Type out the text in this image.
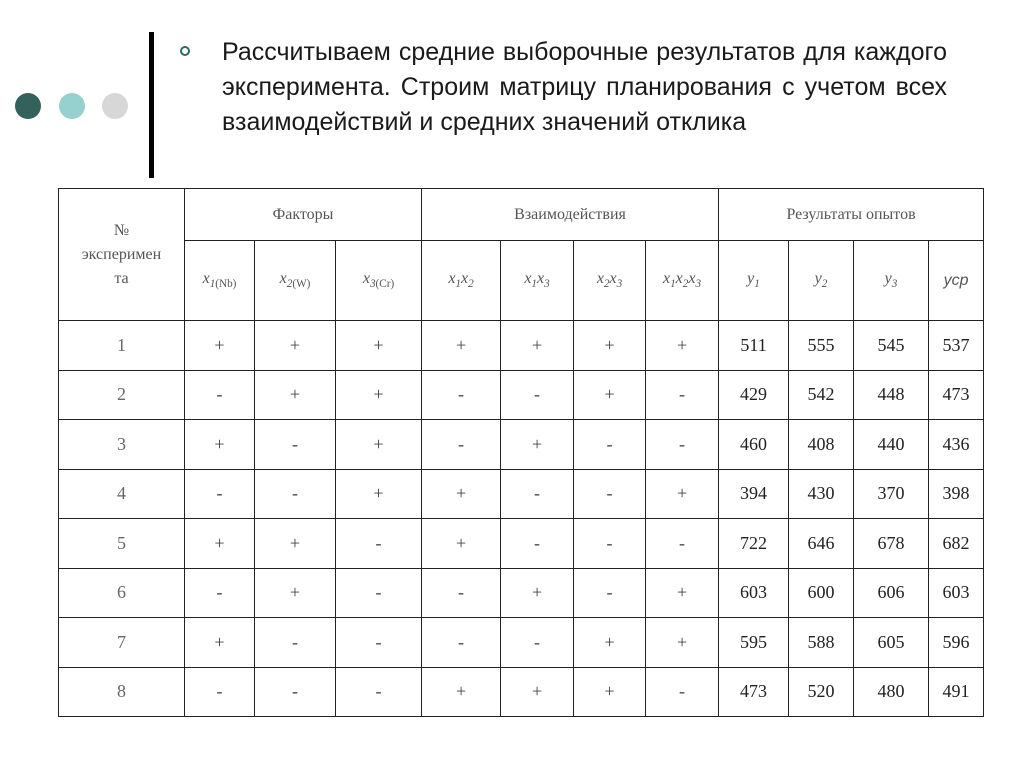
Рассчитываем средние выборочные результатов для каждого эксперимента. Строим матрицу планирования с учетом всех взаимодействий и средних значений отклика

№
эксперимен
та	Факторы			Взаимодействия				Результаты опытов			
	$x_{1(Nb)}$	$x_{2(W)}$	$x_{3(Cr)}$	$x_1x_2$	$x_1x_3$	$x_2x_3$	$x_1x_2x_3$	$y_1$	$y_2$	$y_3$	уср
1	+	+	+	+	+	+	+	511	555	545	537
2	-	+	+	-	-	+	-	429	542	448	473
3	+	-	+	-	+	-	-	460	408	440	436
4	-	-	+	+	-	-	+	394	430	370	398
5	+	+	-	+	-	-	-	722	646	678	682
6	-	+	-	-	+	-	+	603	600	606	603
7	+	-	-	-	-	+	+	595	588	605	596
8	-	-	-	+	+	+	-	473	520	480	491
